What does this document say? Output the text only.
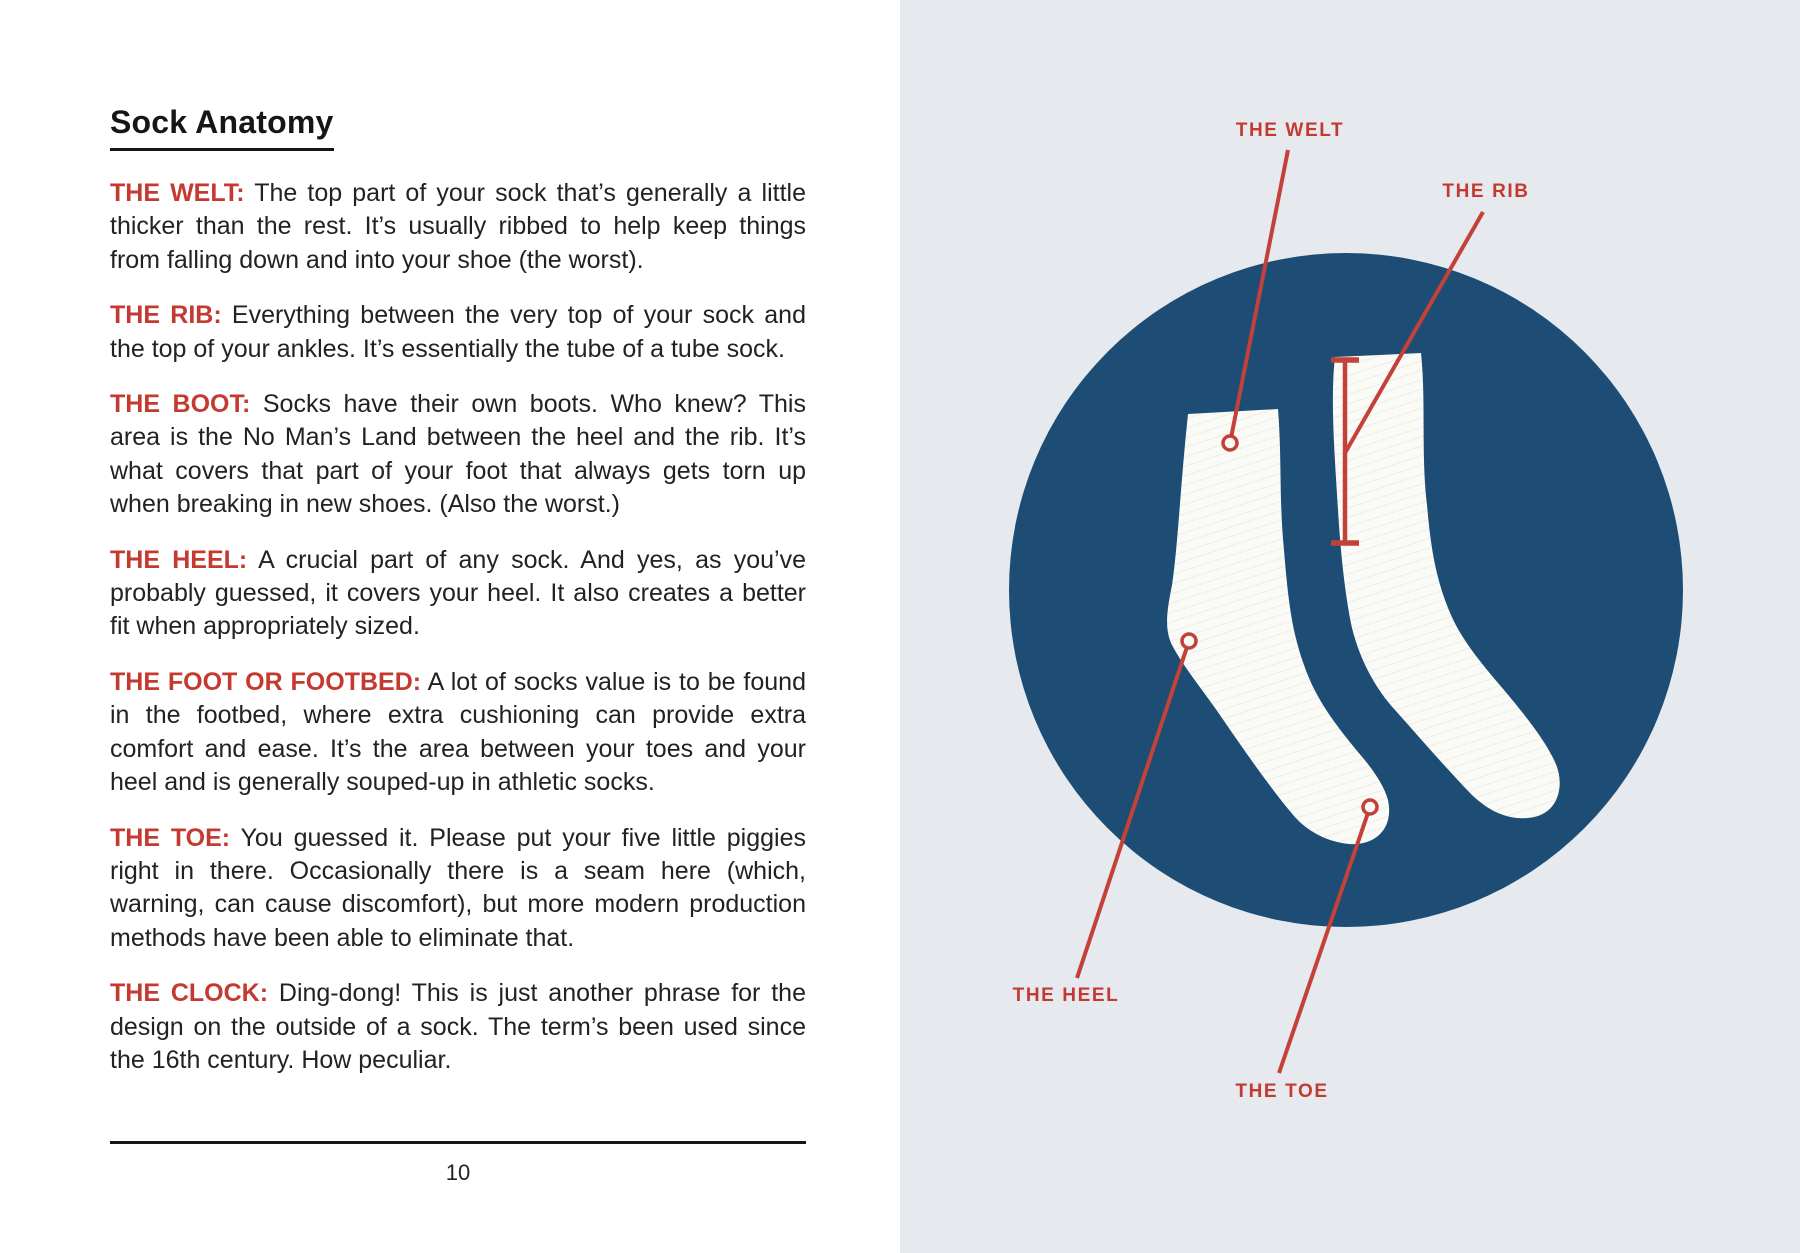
Sock Anatomy

THE WELT: The top part of your sock that’s generally a little thicker than the rest. It’s usually ribbed to help keep things from falling down and into your shoe (the worst).

THE RIB: Everything between the very top of your sock and the top of your ankles. It’s essentially the tube of a tube sock.

THE BOOT: Socks have their own boots. Who knew? This area is the No Man’s Land between the heel and the rib. It’s what covers that part of your foot that always gets torn up when breaking in new shoes. (Also the worst.)

THE HEEL: A crucial part of any sock. And yes, as you’ve probably guessed, it covers your heel. It also creates a better fit when appropriately sized.

THE FOOT OR FOOTBED: A lot of socks value is to be found in the footbed, where extra cushioning can provide extra comfort and ease. It’s the area between your toes and your heel and is generally souped-up in athletic socks.

THE TOE: You guessed it. Please put your five little piggies right in there. Occasionally there is a seam here (which, warning, can cause discomfort), but more modern production methods have been able to eliminate that.

THE CLOCK: Ding-dong! This is just another phrase for the design on the outside of a sock. The term’s been used since the 16th century. How peculiar.

10
THE WELT
THE RIB
THE HEEL
THE TOE
